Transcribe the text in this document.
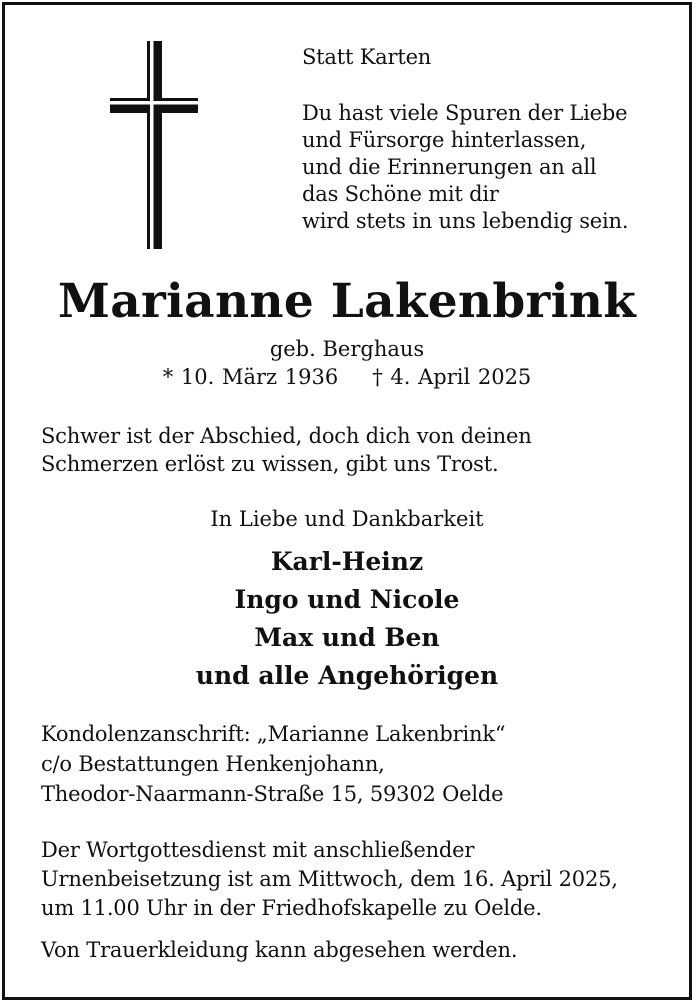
Statt Karten
Du hast viele Spuren der Liebe
und Fürsorge hinterlassen,
und die Erinnerungen an all
das Schöne mit dir
wird stets in uns lebendig sein.
Marianne Lakenbrink
geb. Berghaus
* 10. März 1936 † 4. April 2025
Schwer ist der Abschied, doch dich von deinen
Schmerzen erlöst zu wissen, gibt uns Trost.
In Liebe und Dankbarkeit
Karl-Heinz
Ingo und Nicole
Max und Ben
und alle Angehörigen
Kondolenzanschrift: „Marianne Lakenbrink“
c/o Bestattungen Henkenjohann,
Theodor-Naarmann-Straße 15, 59302 Oelde
Der Wortgottesdienst mit anschließender
Urnenbeisetzung ist am Mittwoch, dem 16. April 2025,
um 11.00 Uhr in der Friedhofskapelle zu Oelde.
Von Trauerkleidung kann abgesehen werden.
